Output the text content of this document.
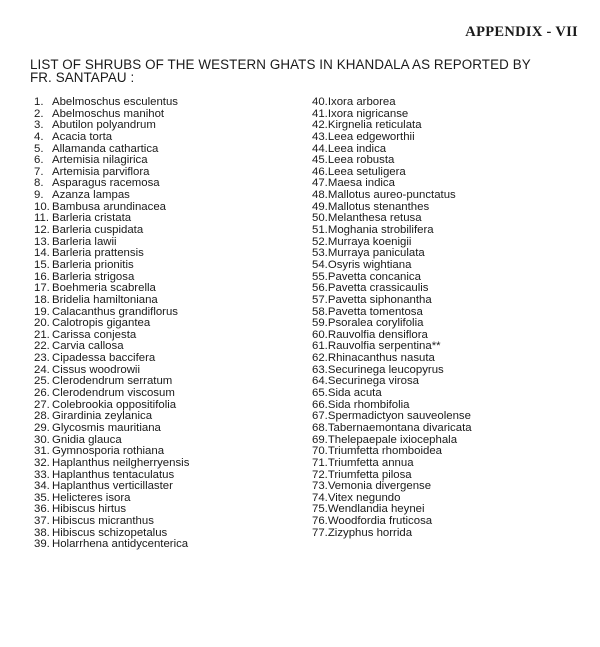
APPENDIX - VII
LIST OF SHRUBS OF THE WESTERN GHATS IN KHANDALA AS REPORTED BY
FR. SANTAPAU :
1. Abelmoschus esculentus
2. Abelmoschus manihot
3. Abutilon polyandrum
4. Acacia torta
5. Allamanda cathartica
6. Artemisia nilagirica
7. Artemisia parviflora
8. Asparagus racemosa
9. Azanza lampas
10. Bambusa arundinacea
11. Barleria cristata
12. Barleria cuspidata
13. Barleria lawii
14. Barleria prattensis
15. Barleria prionitis
16. Barleria strigosa
17. Boehmeria scabrella
18. Bridelia hamiltoniana
19. Calacanthus grandiflorus
20. Calotropis gigantea
21. Carissa conjesta
22. Carvia callosa
23. Cipadessa baccifera
24. Cissus woodrowii
25. Clerodendrum serratum
26. Clerodendrum viscosum
27. Colebrookia oppositifolia
28. Girardinia zeylanica
29. Glycosmis mauritiana
30. Gnidia glauca
31. Gymnosporia rothiana
32. Haplanthus neilgherryensis
33. Haplanthus tentaculatus
34. Haplanthus verticillaster
35. Helicteres isora
36. Hibiscus hirtus
37. Hibiscus micranthus
38. Hibiscus schizopetalus
39. Holarrhena antidycenterica
40. Ixora arborea
41. Ixora nigricanse
42. Kirgnelia reticulata
43. Leea edgeworthii
44. Leea indica
45. Leea robusta
46. Leea setuligera
47. Maesa indica
48. Mallotus aureo-punctatus
49. Mallotus stenanthes
50. Melanthesa retusa
51. Moghania strobilifera
52. Murraya koenigii
53. Murraya paniculata
54. Osyris wightiana
55. Pavetta concanica
56. Pavetta crassicaulis
57. Pavetta siphonantha
58. Pavetta tomentosa
59. Psoralea corylifolia
60. Rauvolfia densiflora
61. Rauvolfia serpentina**
62. Rhinacanthus nasuta
63. Securinega leucopyrus
64. Securinega virosa
65. Sida acuta
66. Sida rhombifolia
67. Spermadictyon sauveolense
68. Tabernaemontana divaricata
69. Thelepaepale ixiocephala
70. Triumfetta rhomboidea
71. Triumfetta annua
72. Triumfetta pilosa
73. Vemonia divergense
74. Vitex negundo
75. Wendlandia heynei
76. Woodfordia fruticosa
77. Zizyphus horrida
